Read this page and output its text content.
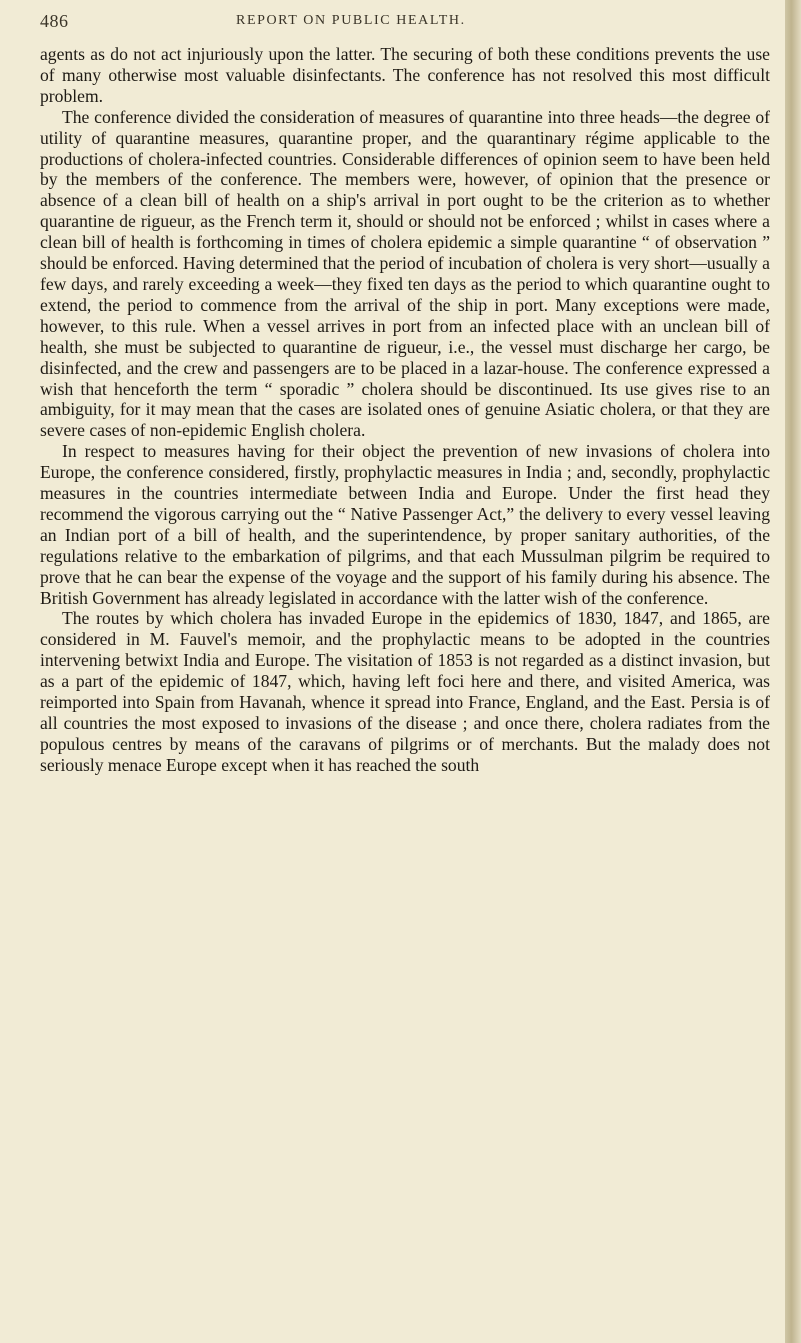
486	REPORT ON PUBLIC HEALTH.

agents as do not act injuriously upon the latter. The securing of both these conditions prevents the use of many otherwise most valuable disinfectants. The conference has not resolved this most difficult problem.

The conference divided the consideration of measures of quarantine into three heads—the degree of utility of quarantine measures, quarantine proper, and the quarantinary régime applicable to the productions of cholera-infected countries. Considerable differences of opinion seem to have been held by the members of the conference. The members were, however, of opinion that the presence or absence of a clean bill of health on a ship's arrival in port ought to be the criterion as to whether quarantine de rigueur, as the French term it, should or should not be enforced ; whilst in cases where a clean bill of health is forthcoming in times of cholera epidemic a simple quarantine “ of observation ” should be enforced. Having determined that the period of incubation of cholera is very short—usually a few days, and rarely exceeding a week—they fixed ten days as the period to which quarantine ought to extend, the period to commence from the arrival of the ship in port. Many exceptions were made, however, to this rule. When a vessel arrives in port from an infected place with an unclean bill of health, she must be subjected to quarantine de rigueur, i.e., the vessel must discharge her cargo, be disinfected, and the crew and passengers are to be placed in a lazar-house. The conference expressed a wish that henceforth the term “ sporadic ” cholera should be discontinued. Its use gives rise to an ambiguity, for it may mean that the cases are isolated ones of genuine Asiatic cholera, or that they are severe cases of non-epidemic English cholera.

In respect to measures having for their object the prevention of new invasions of cholera into Europe, the conference considered, firstly, prophylactic measures in India ; and, secondly, prophylactic measures in the countries intermediate between India and Europe. Under the first head they recommend the vigorous carrying out the “ Native Passenger Act,” the delivery to every vessel leaving an Indian port of a bill of health, and the superintendence, by proper sanitary authorities, of the regulations relative to the embarkation of pilgrims, and that each Mussulman pilgrim be required to prove that he can bear the expense of the voyage and the support of his family during his absence. The British Government has already legislated in accordance with the latter wish of the conference.

The routes by which cholera has invaded Europe in the epidemics of 1830, 1847, and 1865, are considered in M. Fauvel's memoir, and the prophylactic means to be adopted in the countries intervening betwixt India and Europe. The visitation of 1853 is not regarded as a distinct invasion, but as a part of the epidemic of 1847, which, having left foci here and there, and visited America, was reimported into Spain from Havanah, whence it spread into France, England, and the East. Persia is of all countries the most exposed to invasions of the disease ; and once there, cholera radiates from the populous centres by means of the caravans of pilgrims or of merchants. But the malady does not seriously menace Europe except when it has reached the south
